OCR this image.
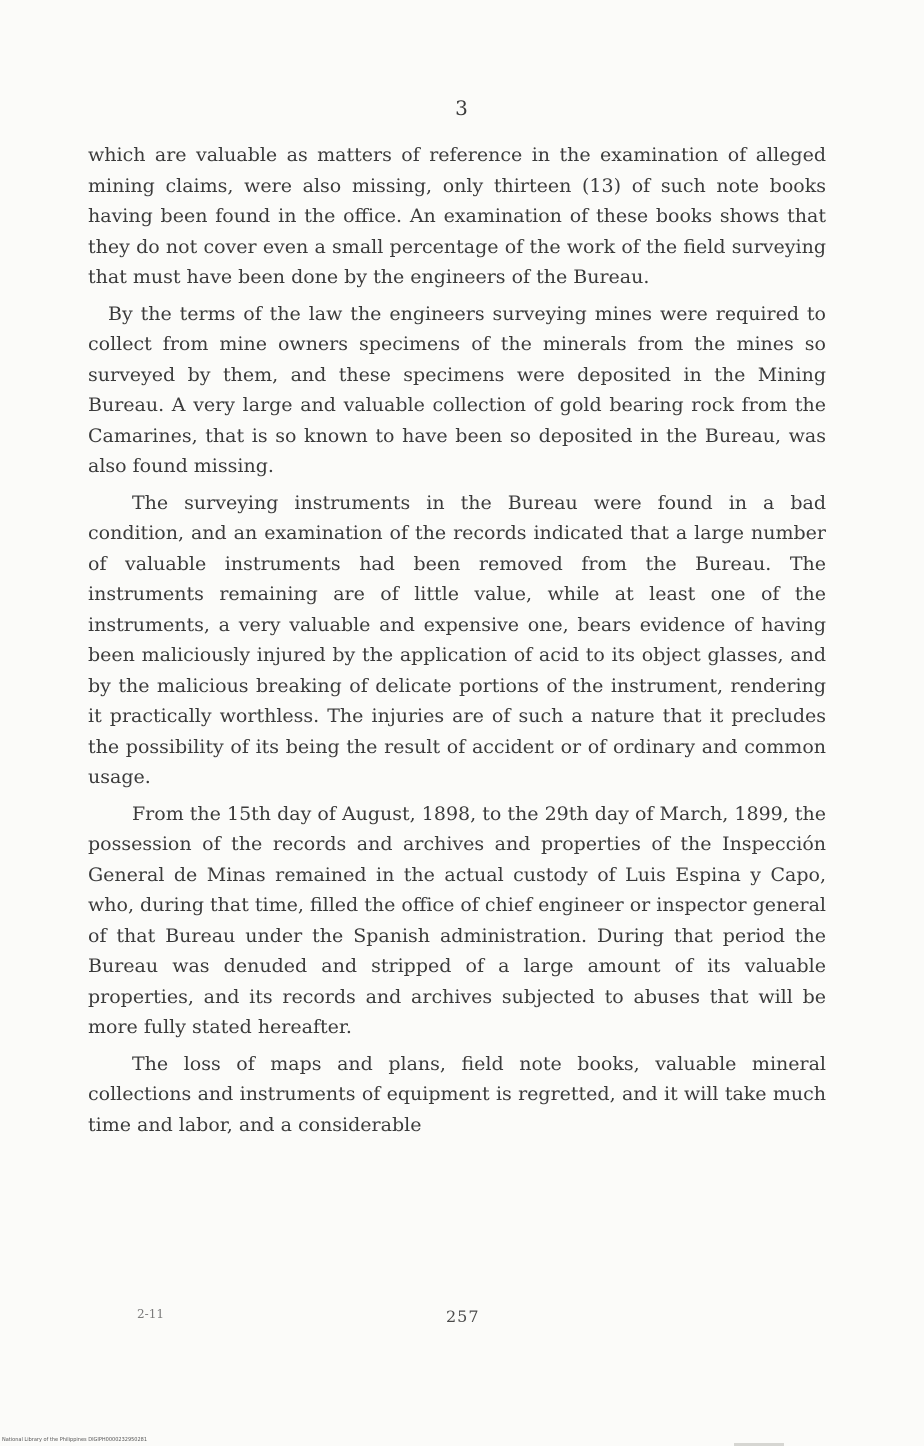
3

which are valuable as matters of reference in the examination of alleged mining claims, were also missing, only thirteen (13) of such note books having been found in the office. An examination of these books shows that they do not cover even a small percentage of the work of the field surveying that must have been done by the engineers of the Bureau.

By the terms of the law the engineers surveying mines were required to collect from mine owners specimens of the minerals from the mines so surveyed by them, and these specimens were deposited in the Mining Bureau. A very large and valuable collection of gold bearing rock from the Camarines, that is so known to have been so deposited in the Bureau, was also found missing.

The surveying instruments in the Bureau were found in a bad condition, and an examination of the records indicated that a large number of valuable instruments had been removed from the Bureau. The instruments remaining are of little value, while at least one of the instruments, a very valuable and expensive one, bears evidence of having been maliciously injured by the application of acid to its object glasses, and by the malicious breaking of delicate portions of the instrument, rendering it practically worthless. The injuries are of such a nature that it precludes the possibility of its being the result of accident or of ordinary and common usage.

From the 15th day of August, 1898, to the 29th day of March, 1899, the possession of the records and archives and properties of the Inspección General de Minas remained in the actual custody of Luis Espina y Capo, who, during that time, filled the office of chief engineer or inspector general of that Bureau under the Spanish administration. During that period the Bureau was denuded and stripped of a large amount of its valuable properties, and its records and archives subjected to abuses that will be more fully stated hereafter.

The loss of maps and plans, field note books, valuable mineral collections and instruments of equipment is regretted, and it will take much time and labor, and a considerable

2-11	257
National Library of the Philippines DIGIPH0000232950281
